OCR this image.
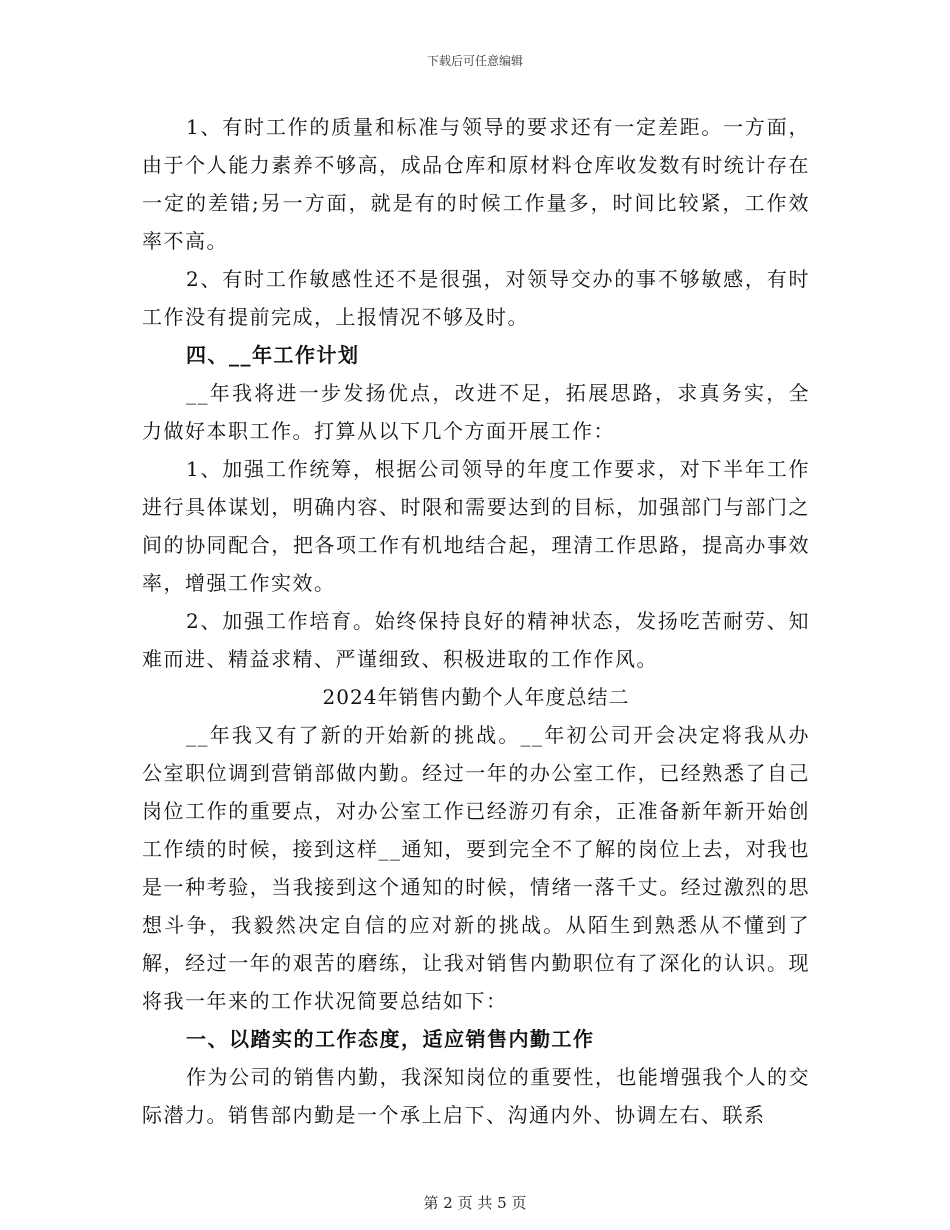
下载后可任意编辑

1、有时工作的质量和标准与领导的要求还有一定差距。一方面，由于个人能力素养不够高，成品仓库和原材料仓库收发数有时统计存在一定的差错;另一方面，就是有的时候工作量多，时间比较紧，工作效率不高。

2、有时工作敏感性还不是很强，对领导交办的事不够敏感，有时工作没有提前完成，上报情况不够及时。

四、__年工作计划

__年我将进一步发扬优点，改进不足，拓展思路，求真务实，全力做好本职工作。打算从以下几个方面开展工作：

1、加强工作统筹，根据公司领导的年度工作要求，对下半年工作进行具体谋划，明确内容、时限和需要达到的目标，加强部门与部门之间的协同配合，把各项工作有机地结合起，理清工作思路，提高办事效率，增强工作实效。

2、加强工作培育。始终保持良好的精神状态，发扬吃苦耐劳、知难而进、精益求精、严谨细致、积极进取的工作作风。

2024年销售内勤个人年度总结二

__年我又有了新的开始新的挑战。__年初公司开会决定将我从办公室职位调到营销部做内勤。经过一年的办公室工作，已经熟悉了自己岗位工作的重要点，对办公室工作已经游刃有余，正准备新年新开始创工作绩的时候，接到这样__通知，要到完全不了解的岗位上去，对我也是一种考验，当我接到这个通知的时候，情绪一落千丈。经过激烈的思想斗争，我毅然决定自信的应对新的挑战。从陌生到熟悉从不懂到了解，经过一年的艰苦的磨练，让我对销售内勤职位有了深化的认识。现将我一年来的工作状况简要总结如下：

一、以踏实的工作态度，适应销售内勤工作

作为公司的销售内勤，我深知岗位的重要性，也能增强我个人的交际潜力。销售部内勤是一个承上启下、沟通内外、协调左右、联系

第 2 页 共 5 页
